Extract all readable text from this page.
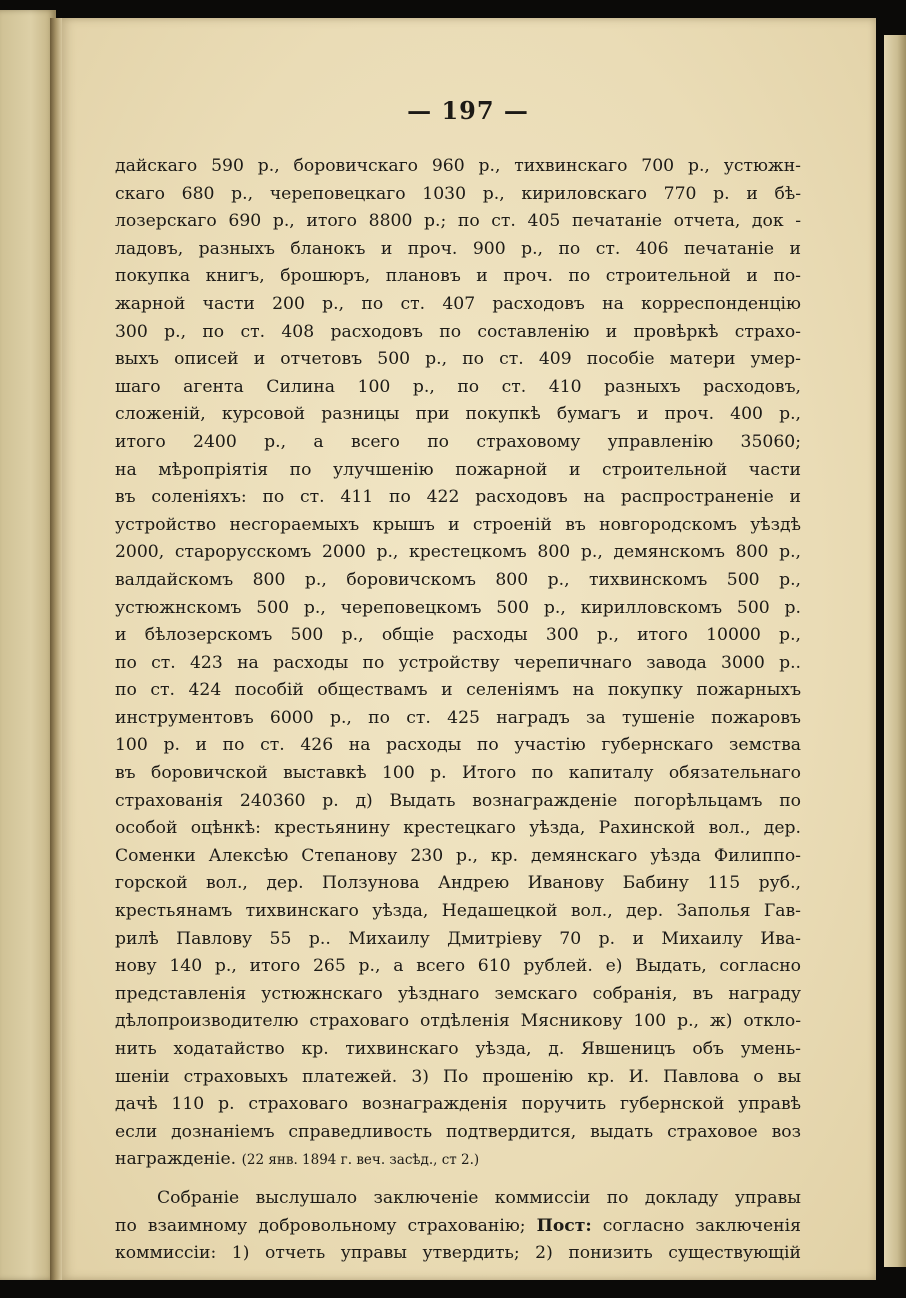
— 197 —
дайскаго 590 р., боровичскаго 960 р., тихвинскаго 700 р., устюжн-
скаго 680 р., череповецкаго 1030 р., кириловскаго 770 р. и бѣ-
лозерскаго 690 р., итого 8800 р.; по ст. 405 печатаніе отчета, док -
ладовъ, разныхъ бланокъ и проч. 900 р., по ст. 406 печатаніе и
покупка книгъ, брошюръ, плановъ и проч. по строительной и по-
жарной части 200 р., по ст. 407 расходовъ на корреспонденцію
300 р., по ст. 408 расходовъ по составленію и провѣркѣ страхо-
выхъ описей и отчетовъ 500 р., по ст. 409 пособіе матери умер-
шаго агента Силина 100 р., по ст. 410 разныхъ расходовъ,
сложеній, курсовой разницы при покупкѣ бумагъ и проч. 400 р.,
итого 2400 р., а всего по страховому управленію 35060;
на мѣропріятія по улучшенію пожарной и строительной части
въ соленіяхъ: по ст. 411 по 422 расходовъ на распространеніе и
устройство несгораемыхъ крышъ и строеній въ новгородскомъ уѣздѣ
2000, старорусскомъ 2000 р., крестецкомъ 800 р., демянскомъ 800 р.,
валдайскомъ 800 р., боровичскомъ 800 р., тихвинскомъ 500 р.,
устюжнскомъ 500 р., череповецкомъ 500 р., кирилловскомъ 500 р.
и бѣлозерскомъ 500 р., общіе расходы 300 р., итого 10000 р.,
по ст. 423 на расходы по устройству черепичнаго завода 3000 р..
по ст. 424 пособій обществамъ и селеніямъ на покупку пожарныхъ
инструментовъ 6000 р., по ст. 425 наградъ за тушеніе пожаровъ
100 р. и по ст. 426 на расходы по участію губернскаго земства
въ боровичской выставкѣ 100 р. Итого по капиталу обязательнаго
страхованія 240360 р. д) Выдать вознагражденіе погорѣльцамъ по
особой оцѣнкѣ: крестьянину крестецкаго уѣзда, Рахинской вол., дер.
Соменки Алексѣю Степанову 230 р., кр. демянскаго уѣзда Филиппо-
горской вол., дер. Ползунова Андрею Иванову Бабину 115 руб.,
крестьянамъ тихвинскаго уѣзда, Недашецкой вол., дер. Заполья Гав-
рилѣ Павлову 55 р.. Михаилу Дмитріеву 70 р. и Михаилу Ива-
нову 140 р., итого 265 р., а всего 610 рублей. е) Выдать, согласно
представленія устюжнскаго уѣзднаго земскаго собранія, въ награду
дѣлопроизводителю страховаго отдѣленія Мясникову 100 р., ж) откло-
нить ходатайство кр. тихвинскаго уѣзда, д. Явшеницъ объ умень-
шеніи страховыхъ платежей. 3) По прошенію кр. И. Павлова о вы
дачѣ 110 р. страховаго вознагражденія поручить губернской управѣ
если дознаніемъ справедливость подтвердится, выдать страховое воз
награжденіе. (22 янв. 1894 г. веч. засѣд., ст 2.)
Собраніе выслушало заключеніе коммиссіи по докладу управы
по взаимному добровольному страхованію; Пост: согласно заключенія
коммиссіи: 1) отчеть управы утвердить; 2) понизить существующій
